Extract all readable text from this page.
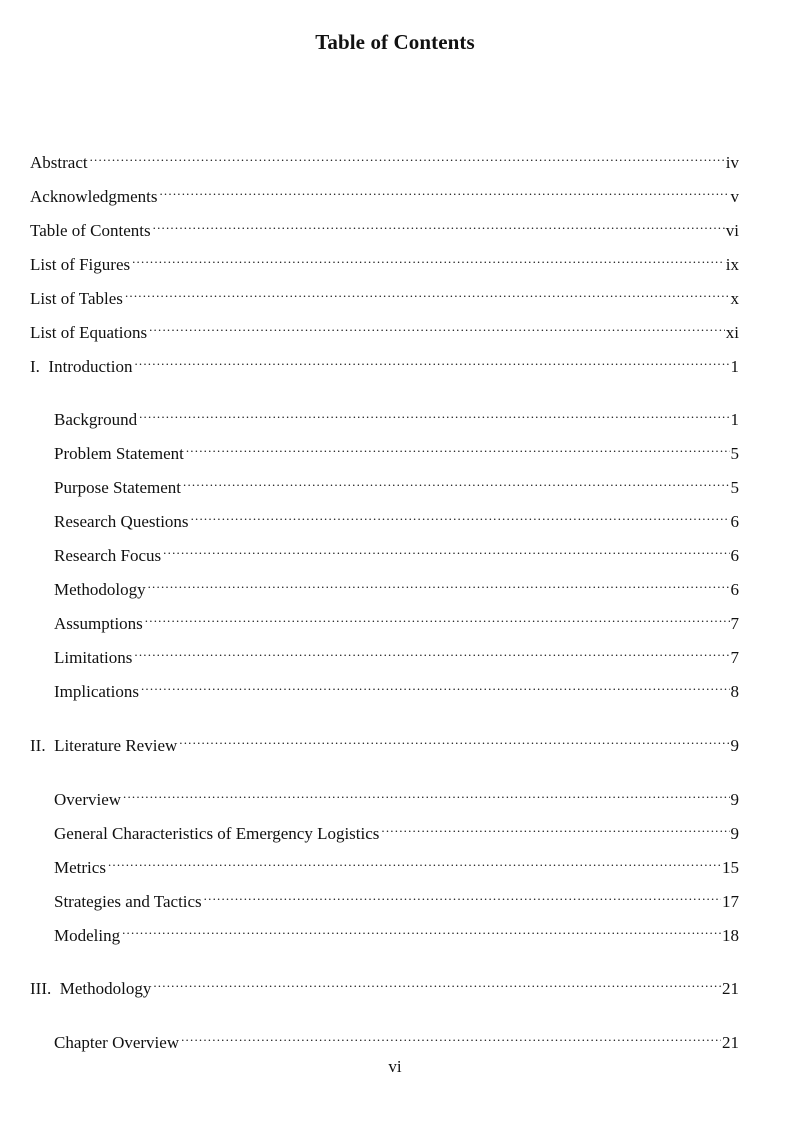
Table of Contents
Abstract .....	iv
Acknowledgments .....	v
Table of Contents .....	vi
List of Figures .....	ix
List of Tables .....	x
List of Equations .....	xi
I.  Introduction .....	1
Background .....	1
Problem Statement .....	5
Purpose Statement .....	5
Research Questions .....	6
Research Focus .....	6
Methodology .....	6
Assumptions .....	7
Limitations .....	7
Implications .....	8
II.  Literature Review .....	9
Overview .....	9
General Characteristics of Emergency Logistics .....	9
Metrics .....	15
Strategies and Tactics .....	17
Modeling .....	18
III.  Methodology .....	21
Chapter Overview .....	21
vi
